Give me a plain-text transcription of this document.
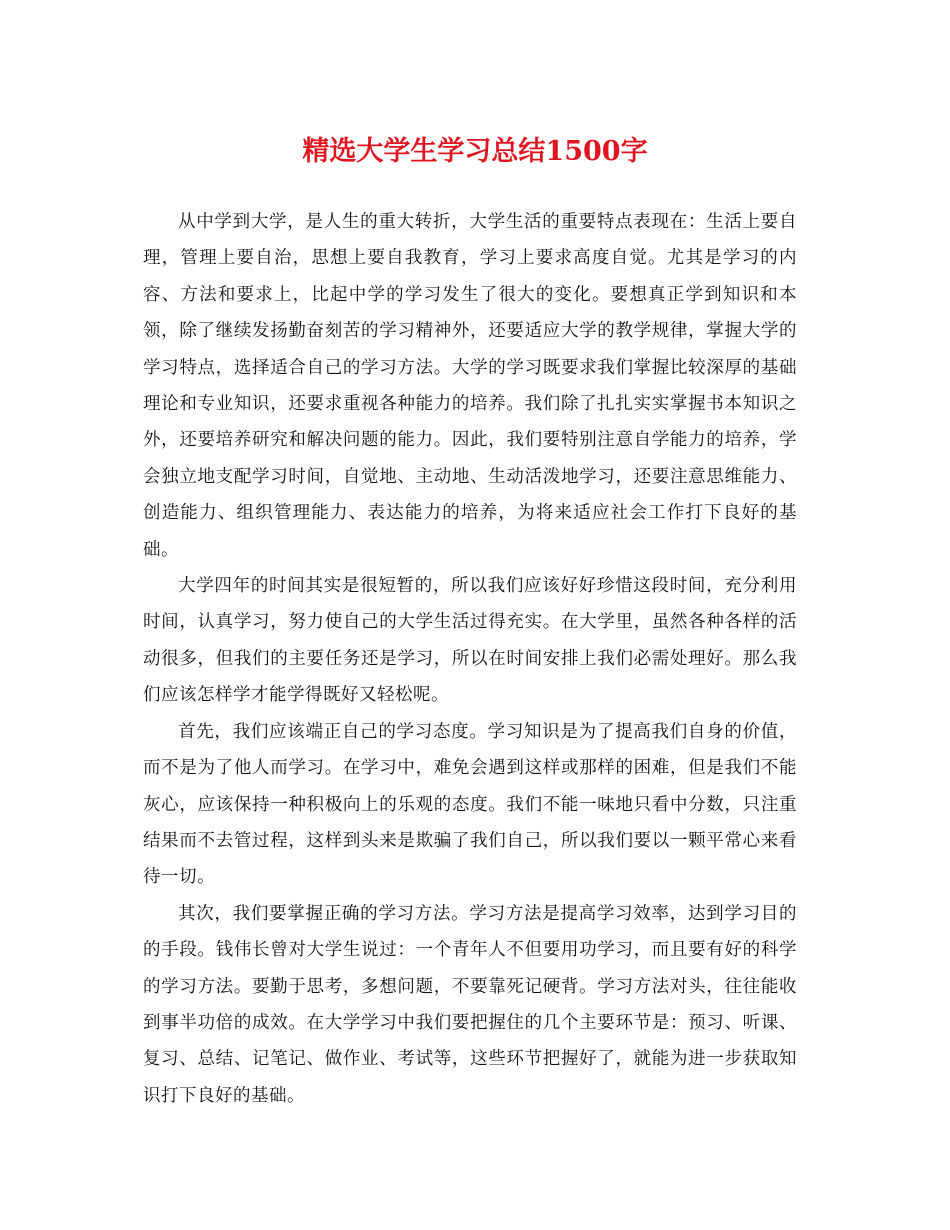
精选大学生学习总结1500字

从中学到大学，是人生的重大转折，大学生活的重要特点表现在：生活上要自理，管理上要自治，思想上要自我教育，学习上要求高度自觉。尤其是学习的内容、方法和要求上，比起中学的学习发生了很大的变化。要想真正学到知识和本领，除了继续发扬勤奋刻苦的学习精神外，还要适应大学的教学规律，掌握大学的学习特点，选择适合自己的学习方法。大学的学习既要求我们掌握比较深厚的基础理论和专业知识，还要求重视各种能力的培养。我们除了扎扎实实掌握书本知识之外，还要培养研究和解决问题的能力。因此，我们要特别注意自学能力的培养，学会独立地支配学习时间，自觉地、主动地、生动活泼地学习，还要注意思维能力、创造能力、组织管理能力、表达能力的培养，为将来适应社会工作打下良好的基础。

大学四年的时间其实是很短暂的，所以我们应该好好珍惜这段时间，充分利用时间，认真学习，努力使自己的大学生活过得充实。在大学里，虽然各种各样的活动很多，但我们的主要任务还是学习，所以在时间安排上我们必需处理好。那么我们应该怎样学才能学得既好又轻松呢。

首先，我们应该端正自己的学习态度。学习知识是为了提高我们自身的价值，而不是为了他人而学习。在学习中，难免会遇到这样或那样的困难，但是我们不能灰心，应该保持一种积极向上的乐观的态度。我们不能一味地只看中分数，只注重结果而不去管过程，这样到头来是欺骗了我们自己，所以我们要以一颗平常心来看待一切。

其次，我们要掌握正确的学习方法。学习方法是提高学习效率，达到学习目的的手段。钱伟长曾对大学生说过：一个青年人不但要用功学习，而且要有好的科学的学习方法。要勤于思考，多想问题，不要靠死记硬背。学习方法对头，往往能收到事半功倍的成效。在大学学习中我们要把握住的几个主要环节是：预习、听课、复习、总结、记笔记、做作业、考试等，这些环节把握好了，就能为进一步获取知识打下良好的基础。
